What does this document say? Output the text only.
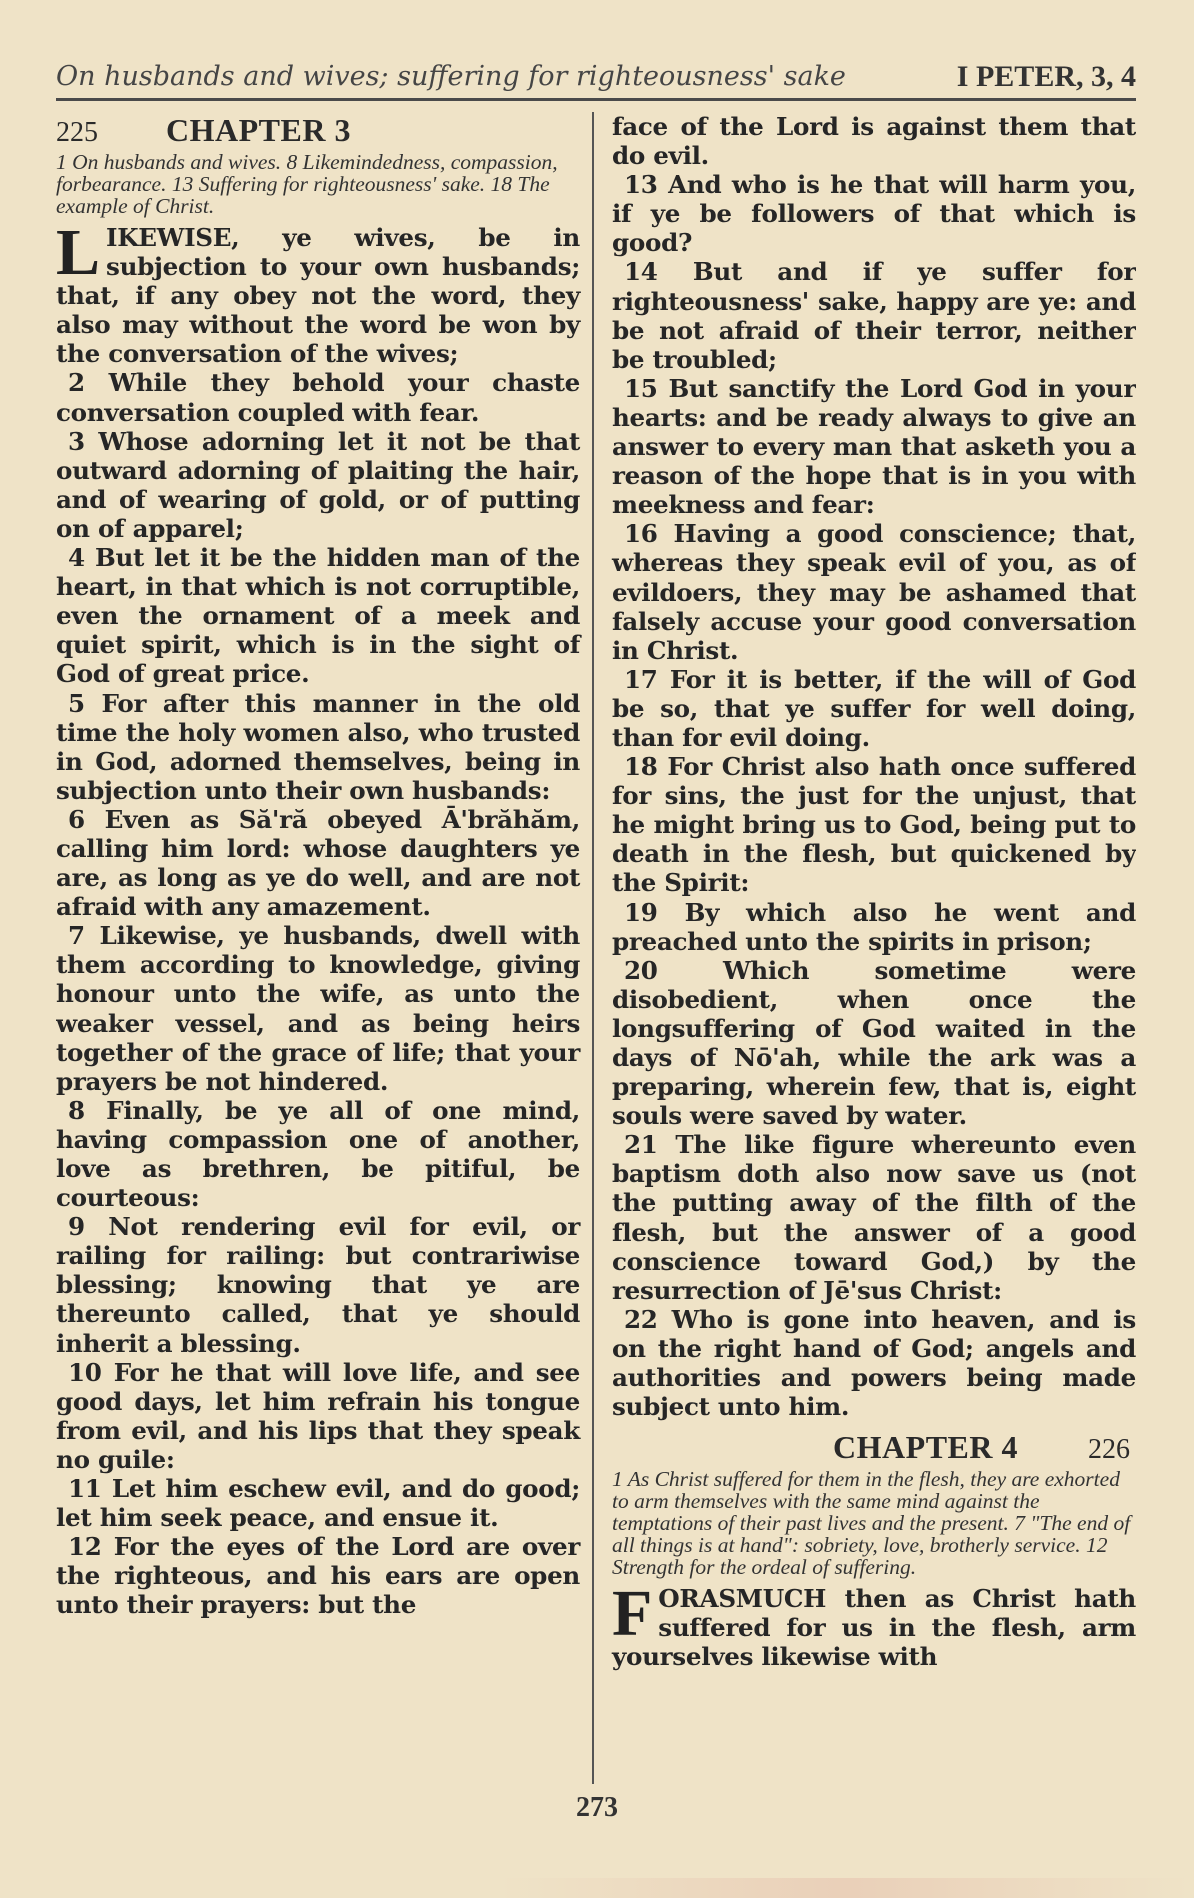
On husbands and wives; suffering for righteousness' sake	I PETER, 3, 4
225 CHAPTER 3

1 On husbands and wives. 8 Likemindedness, compassion, forbearance. 13 Suffering for righteousness' sake. 18 The example of Christ.

L IKEWISE, ye wives, be in subjection to your own husbands; that, if any obey not the word, they also may without the word be won by the conversation of the wives;

2 While they behold your chaste conversation coupled with fear.

3 Whose adorning let it not be that outward adorning of plaiting the hair, and of wearing of gold, or of putting on of apparel;

4 But let it be the hidden man of the heart, in that which is not corruptible, even the ornament of a meek and quiet spirit, which is in the sight of God of great price.

5 For after this manner in the old time the holy women also, who trusted in God, adorned themselves, being in subjection unto their own husbands:

6 Even as Să'ră obeyed Ā'brăhăm, calling him lord: whose daughters ye are, as long as ye do well, and are not afraid with any amazement.

7 Likewise, ye husbands, dwell with them according to knowledge, giving honour unto the wife, as unto the weaker vessel, and as being heirs together of the grace of life; that your prayers be not hindered.

8 Finally, be ye all of one mind, having compassion one of another, love as brethren, be pitiful, be courteous:

9 Not rendering evil for evil, or railing for railing: but contrariwise blessing; knowing that ye are thereunto called, that ye should inherit a blessing.

10 For he that will love life, and see good days, let him refrain his tongue from evil, and his lips that they speak no guile:

11 Let him eschew evil, and do good; let him seek peace, and ensue it.

12 For the eyes of the Lord are over the righteous, and his ears are open unto their prayers: but the

face of the Lord is against them that do evil.

13 And who is he that will harm you, if ye be followers of that which is good?

14 But and if ye suffer for righteousness' sake, happy are ye: and be not afraid of their terror, neither be troubled;

15 But sanctify the Lord God in your hearts: and be ready always to give an answer to every man that asketh you a reason of the hope that is in you with meekness and fear:

16 Having a good conscience; that, whereas they speak evil of you, as of evildoers, they may be ashamed that falsely accuse your good conversation in Christ.

17 For it is better, if the will of God be so, that ye suffer for well doing, than for evil doing.

18 For Christ also hath once suffered for sins, the just for the unjust, that he might bring us to God, being put to death in the flesh, but quickened by the Spirit:

19 By which also he went and preached unto the spirits in prison;

20 Which sometime were disobedient, when once the longsuffering of God waited in the days of Nō'ah, while the ark was a preparing, wherein few, that is, eight souls were saved by water.

21 The like figure whereunto even baptism doth also now save us (not the putting away of the filth of the flesh, but the answer of a good conscience toward God,) by the resurrection of Jē'sus Christ:

22 Who is gone into heaven, and is on the right hand of God; angels and authorities and powers being made subject unto him.

CHAPTER 4	226

1 As Christ suffered for them in the flesh, they are exhorted to arm themselves with the same mind against the temptations of their past lives and the present. 7 "The end of all things is at hand": sobriety, love, brotherly service. 12 Strength for the ordeal of suffering.

F ORASMUCH then as Christ hath suffered for us in the flesh, arm yourselves likewise with

273
